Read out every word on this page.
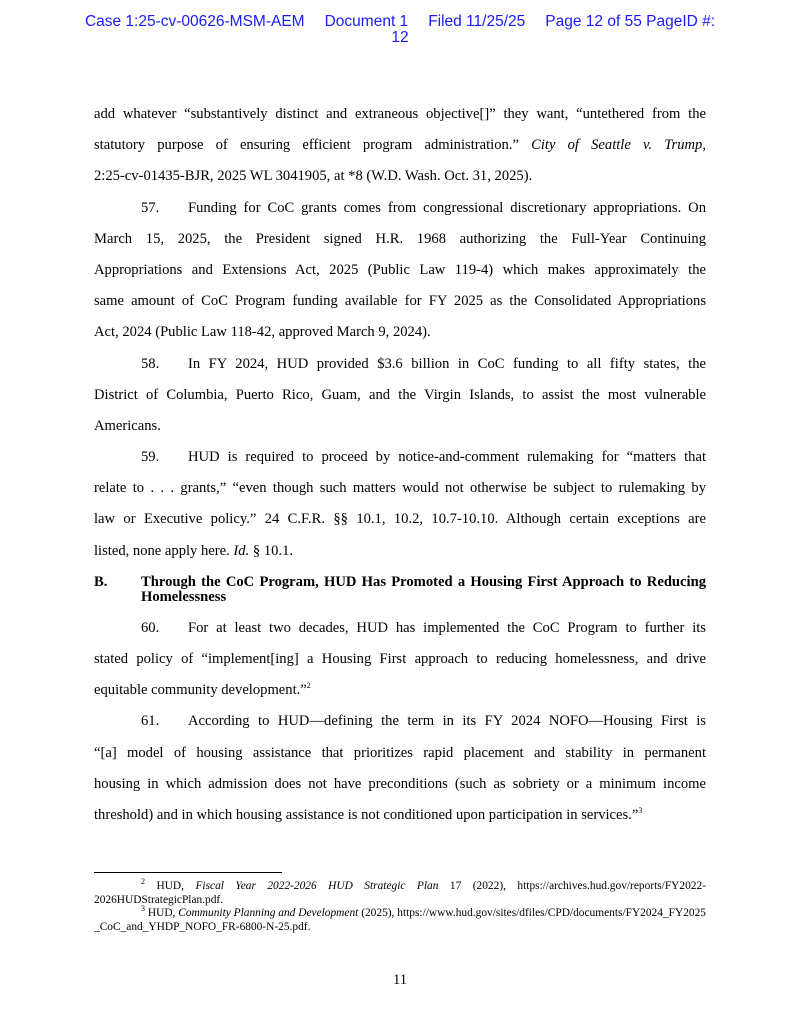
Case 1:25-cv-00626-MSM-AEM Document 1 Filed 11/25/25 Page 12 of 55 PageID #:
12
add whatever “substantively distinct and extraneous objective[]” they want, “untethered from the
statutory purpose of ensuring efficient program administration.” City of Seattle v. Trump,
2:25-cv-01435-BJR, 2025 WL 3041905, at *8 (W.D. Wash. Oct. 31, 2025).
57. Funding for CoC grants comes from congressional discretionary appropriations. On
March 15, 2025, the President signed H.R. 1968 authorizing the Full-Year Continuing
Appropriations and Extensions Act, 2025 (Public Law 119-4) which makes approximately the
same amount of CoC Program funding available for FY 2025 as the Consolidated Appropriations
Act, 2024 (Public Law 118-42, approved March 9, 2024).
58. In FY 2024, HUD provided $3.6 billion in CoC funding to all fifty states, the
District of Columbia, Puerto Rico, Guam, and the Virgin Islands, to assist the most vulnerable
Americans.
59. HUD is required to proceed by notice-and-comment rulemaking for “matters that
relate to . . . grants,” “even though such matters would not otherwise be subject to rulemaking by
law or Executive policy.” 24 C.F.R. §§ 10.1, 10.2, 10.7-10.10. Although certain exceptions are
listed, none apply here. Id. § 10.1.
B.	Through the CoC Program, HUD Has Promoted a Housing First Approach to Reducing Homelessness
60. For at least two decades, HUD has implemented the CoC Program to further its
stated policy of “implement[ing] a Housing First approach to reducing homelessness, and drive
equitable community development.”$^2$
61. According to HUD—defining the term in its FY 2024 NOFO—Housing First is
“[a] model of housing assistance that prioritizes rapid placement and stability in permanent
housing in which admission does not have preconditions (such as sobriety or a minimum income
threshold) and in which housing assistance is not conditioned upon participation in services.”$^3$

$^2$ HUD, Fiscal Year 2022-2026 HUD Strategic Plan 17 (2022), https://archives.hud.gov/reports/FY2022-2026HUDStrategicPlan.pdf.

$^3$ HUD, Community Planning and Development (2025), https://www.hud.gov/sites/dfiles/CPD/documents/FY2024_FY2025_CoC_and_YHDP_NOFO_FR-6800-N-25.pdf.

11
